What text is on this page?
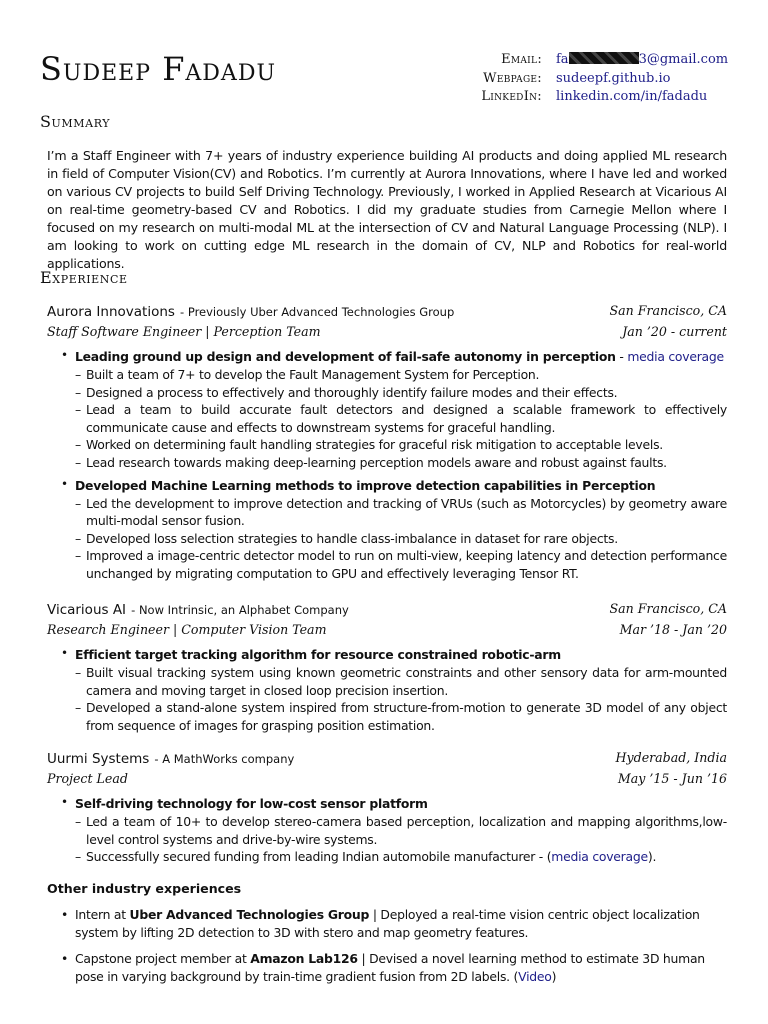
Sudeep Fadadu	Email: fa	3@gmail.com
Webpage: sudeepf.github.io
LinkedIn: linkedin.com/in/fadadu
Summary

I’m a Staff Engineer with 7+ years of industry experience building AI products and doing applied ML research in field of Computer Vision(CV) and Robotics. I’m currently at Aurora Innovations, where I have led and worked on various CV projects to build Self Driving Technology. Previously, I worked in Applied Research at Vicarious AI on real-time geometry-based CV and Robotics. I did my graduate studies from Carnegie Mellon where I focused on my research on multi-modal ML at the intersection of CV and Natural Language Processing (NLP). I am looking to work on cutting edge ML research in the domain of CV, NLP and Robotics for real-world applications.

Experience
Aurora Innovations - Previously Uber Advanced Technologies Group	San Francisco, CA
Staff Software Engineer | Perception Team	Jan ’20 - current
• Leading ground up design and development of fail-safe autonomy in perception - media coverage
– Built a team of 7+ to develop the Fault Management System for Perception.
– Designed a process to effectively and thoroughly identify failure modes and their effects.
– Lead a team to build accurate fault detectors and designed a scalable framework to effectively communicate cause and effects to downstream systems for graceful handling.
– Worked on determining fault handling strategies for graceful risk mitigation to acceptable levels.
– Lead research towards making deep-learning perception models aware and robust against faults.
• Developed Machine Learning methods to improve detection capabilities in Perception
– Led the development to improve detection and tracking of VRUs (such as Motorcycles) by geometry aware multi-modal sensor fusion.
– Developed loss selection strategies to handle class-imbalance in dataset for rare objects.
– Improved a image-centric detector model to run on multi-view, keeping latency and detection performance unchanged by migrating computation to GPU and effectively leveraging Tensor RT.
Vicarious AI - Now Intrinsic, an Alphabet Company	San Francisco, CA
Research Engineer | Computer Vision Team	Mar ’18 - Jan ’20
• Efficient target tracking algorithm for resource constrained robotic-arm
– Built visual tracking system using known geometric constraints and other sensory data for arm-mounted camera and moving target in closed loop precision insertion.
– Developed a stand-alone system inspired from structure-from-motion to generate 3D model of any object from sequence of images for grasping position estimation.
Uurmi Systems - A MathWorks company	Hyderabad, India
Project Lead	May ’15 - Jun ’16
• Self-driving technology for low-cost sensor platform
– Led a team of 10+ to develop stereo-camera based perception, localization and mapping algorithms,low-level control systems and drive-by-wire systems.
– Successfully secured funding from leading Indian automobile manufacturer - (media coverage).
Other industry experiences
• Intern at Uber Advanced Technologies Group | Deployed a real-time vision centric object localization system by lifting 2D detection to 3D with stero and map geometry features.
• Capstone project member at Amazon Lab126 | Devised a novel learning method to estimate 3D human pose in varying background by train-time gradient fusion from 2D labels. (Video)
